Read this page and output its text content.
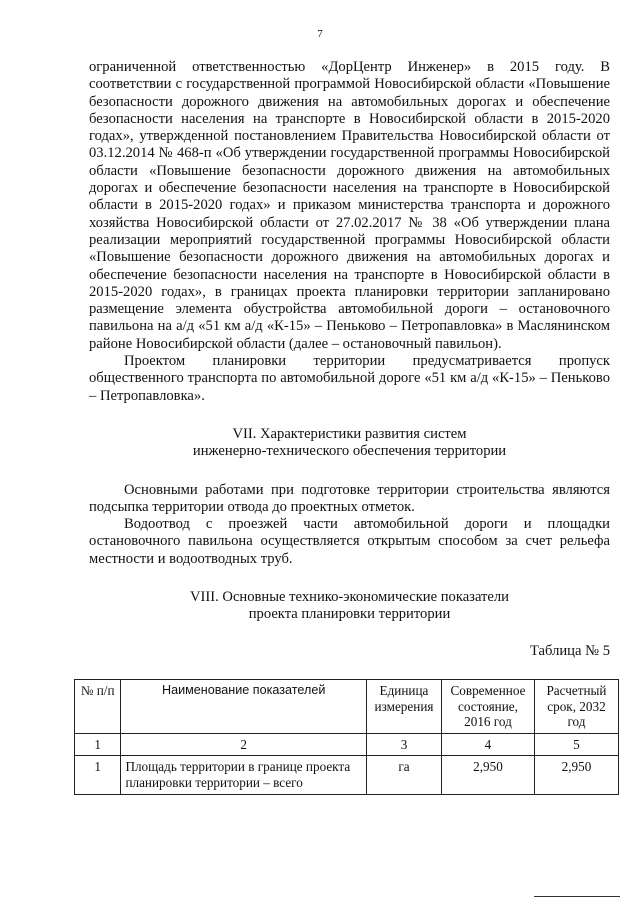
7

ограниченной ответственностью «ДорЦентр Инженер» в 2015 году. В соответствии с государственной программой Новосибирской области «Повышение безопасности дорожного движения на автомобильных дорогах и обеспечение безопасности населения на транспорте в Новосибирской области в 2015-2020 годах», утвержденной постановлением Правительства Новосибирской области от 03.12.2014 № 468-п «Об утверждении государственной программы Новосибирской области «Повышение безопасности дорожного движения на автомобильных дорогах и обеспечение безопасности населения на транспорте в Новосибирской области в 2015-2020 годах» и приказом министерства транспорта и дорожного хозяйства Новосибирской области от 27.02.2017 № 38 «Об утверждении плана реализации мероприятий государственной программы Новосибирской области «Повышение безопасности дорожного движения на автомобильных дорогах и обеспечение безопасности населения на транспорте в Новосибирской области в 2015-2020 годах», в границах проекта планировки территории запланировано размещение элемента обустройства автомобильной дороги – остановочного павильона на а/д «51 км а/д «К-15» – Пеньково – Петропавловка» в Маслянинском районе Новосибирской области (далее – остановочный павильон).

Проектом планировки территории предусматривается пропуск общественного транспорта по автомобильной дороге «51 км а/д «К-15» – Пеньково – Петропавловка».

VII. Характеристики развития систем

инженерно-технического обеспечения территории

Основными работами при подготовке территории строительства являются подсыпка территории отвода до проектных отметок.

Водоотвод с проезжей части автомобильной дороги и площадки остановочного павильона осуществляется открытым способом за счет рельефа местности и водоотводных труб.

VIII. Основные технико-экономические показатели

проекта планировки территории

Таблица № 5

№ п/п	Наименование показателей	Единица измерения	Современное состояние, 2016 год	Расчетный срок, 2032 год
1	2	3	4	5
1	Площадь территории в границе проекта планировки территории – всего	га	2,950	2,950
